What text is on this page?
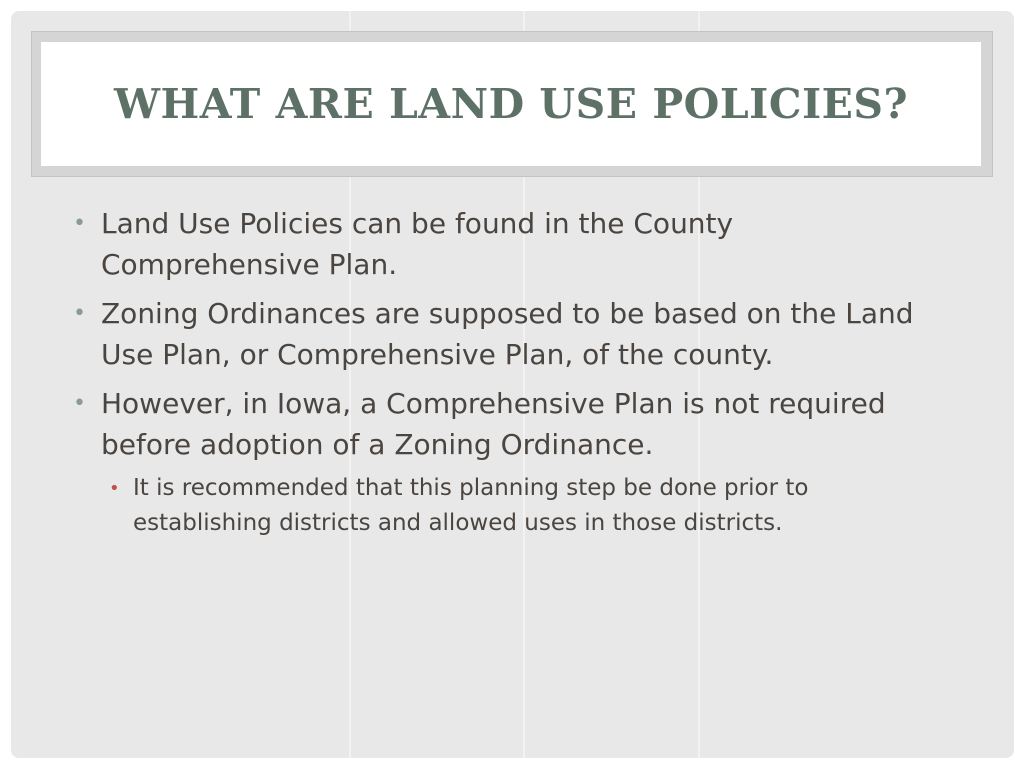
WHAT ARE LAND USE POLICIES?
• Land Use Policies can be found in the County Comprehensive Plan.
• Zoning Ordinances are supposed to be based on the Land Use Plan, or Comprehensive Plan, of the county.
• However, in Iowa, a Comprehensive Plan is not required before adoption of a Zoning Ordinance.
• It is recommended that this planning step be done prior to establishing districts and allowed uses in those districts.
